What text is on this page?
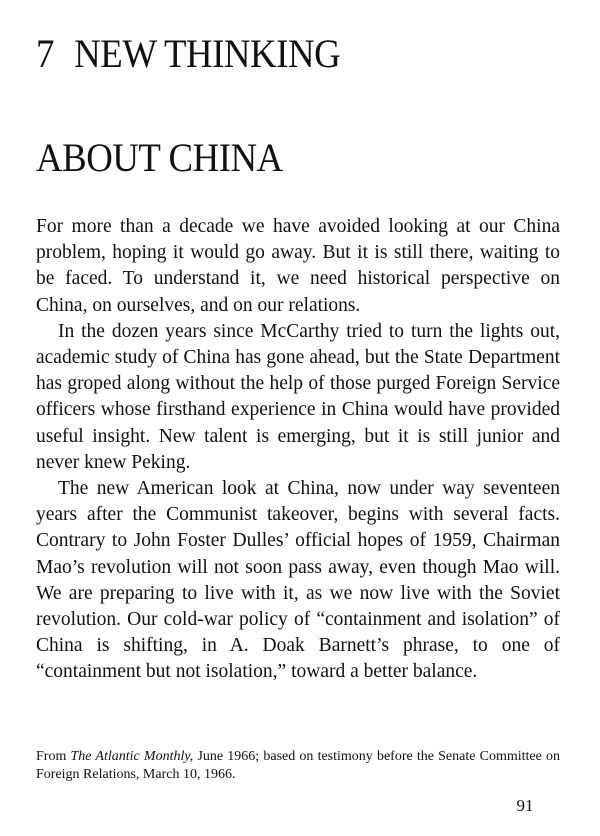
7 NEW THINKING
ABOUT CHINA

For more than a decade we have avoided looking at our China problem, hoping it would go away. But it is still there, waiting to be faced. To understand it, we need historical perspective on China, on ourselves, and on our relations.

In the dozen years since McCarthy tried to turn the lights out, academic study of China has gone ahead, but the State Department has groped along without the help of those purged Foreign Service officers whose firsthand experience in China would have provided useful insight. New talent is emerging, but it is still junior and never knew Peking.

The new American look at China, now under way seventeen years after the Communist takeover, begins with several facts. Contrary to John Foster Dulles’ official hopes of 1959, Chairman Mao’s revolution will not soon pass away, even though Mao will. We are preparing to live with it, as we now live with the Soviet revolution. Our cold-war policy of “containment and isolation” of China is shifting, in A. Doak Barnett’s phrase, to one of “containment but not isolation,” toward a better balance.

From The Atlantic Monthly, June 1966; based on testimony before the Senate Committee on Foreign Relations, March 10, 1966.

91
